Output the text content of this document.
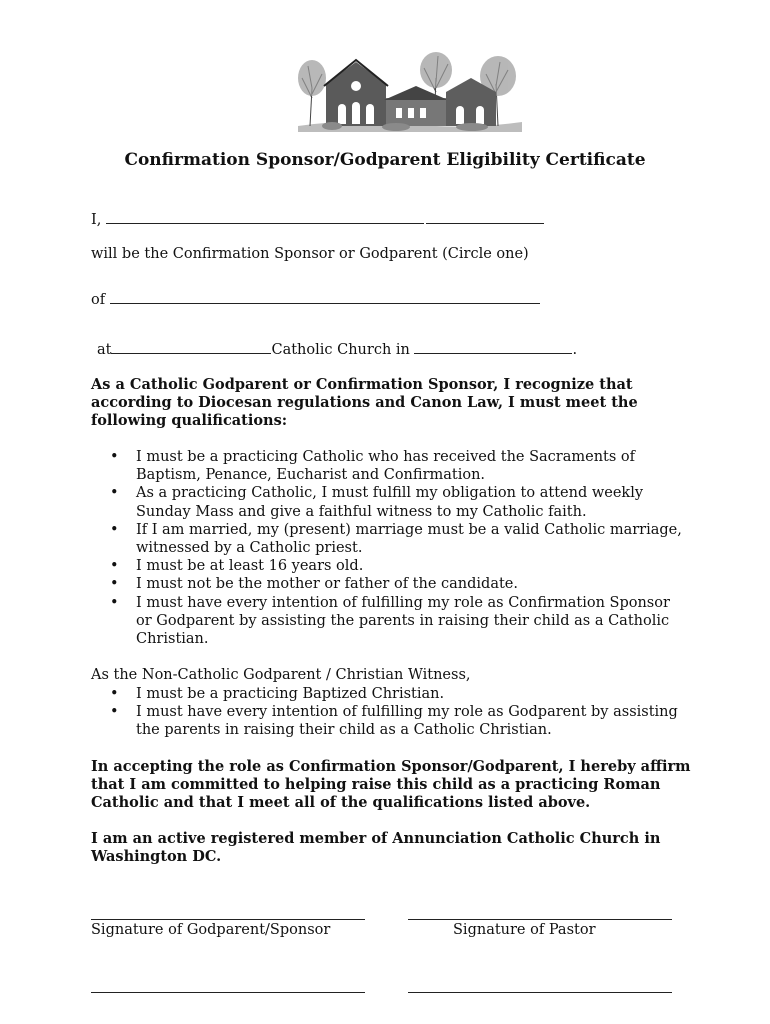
Confirmation Sponsor/Godparent Eligibility Certificate
I,
will be the Confirmation Sponsor or Godparent (Circle one)
of
at	Catholic Church in	.
As a Catholic Godparent or Confirmation Sponsor, I recognize that according to Diocesan regulations and Canon Law, I must meet the following qualifications:
• I must be a practicing Catholic who has received the Sacraments of Baptism, Penance, Eucharist and Confirmation.
• As a practicing Catholic, I must fulfill my obligation to attend weekly Sunday Mass and give a faithful witness to my Catholic faith.
• If I am married, my (present) marriage must be a valid Catholic marriage, witnessed by a Catholic priest.
• I must be at least 16 years old.
• I must not be the mother or father of the candidate.
• I must have every intention of fulfilling my role as Confirmation Sponsor or Godparent by assisting the parents in raising their child as a Catholic Christian.
As the Non-Catholic Godparent / Christian Witness,
• I must be a practicing Baptized Christian.
• I must have every intention of fulfilling my role as Godparent by assisting the parents in raising their child as a Catholic Christian.
In accepting the role as Confirmation Sponsor/Godparent, I hereby affirm that I am committed to helping raise this child as a practicing Roman Catholic and that I meet all of the qualifications listed above.
I am an active registered member of Annunciation Catholic Church in Washington DC.
Signature of Godparent/Sponsor	Signature of Pastor
